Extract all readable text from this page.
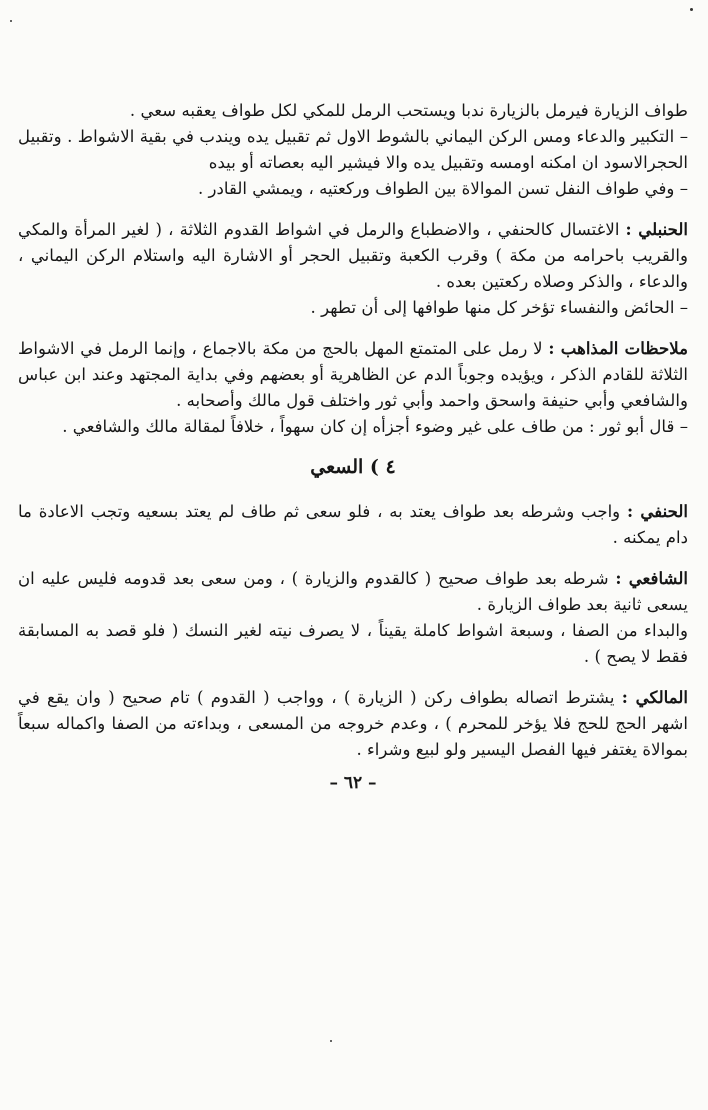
طواف الزيارة فيرمل بالزيارة ندبا ويستحب الرمل للمكي لكل طواف يعقبه سعي .

– التكبير والدعاء ومس الركن اليماني بالشوط الاول ثم تقبيل يده ويندب في بقية الاشواط . وتقبيل الحجرالاسود ان امكنه اومسه وتقبيل يده والا فيشير اليه بعصاته أو بيده

– وفي طواف النفل تسن الموالاة بين الطواف وركعتيه ، ويمشي القادر .

الحنبلي : الاغتسال كالحنفي ، والاضطباع والرمل في اشواط القدوم الثلاثة ، ( لغير المرأة والمكي والقريب باحرامه من مكة ) وقرب الكعبة وتقبيل الحجر أو الاشارة اليه واستلام الركن اليماني ، والدعاء ، والذكر وصلاه ركعتين بعده .

– الحائض والنفساء تؤخر كل منها طوافها إلى أن تطهر .

ملاحظات المذاهب : لا رمل على المتمتع المهل بالحج من مكة بالاجماع ، وإنما الرمل في الاشواط الثلاثة للقادم الذكر ، ويؤيده وجوباً الدم عن الظاهرية أو بعضهم وفي بداية المجتهد وعند ابن عباس والشافعي وأبي حنيفة واسحق واحمد وأبي ثور واختلف قول مالك وأصحابه .

– قال أبو ثور : من طاف على غير وضوء أجزأه إن كان سهواً ، خلافاً لمقالة مالك والشافعي .

٤ ) السعي

الحنفي : واجب وشرطه بعد طواف يعتد به ، فلو سعى ثم طاف لم يعتد بسعيه وتجب الاعادة ما دام يمكنه .

الشافعي : شرطه بعد طواف صحيح ( كالقدوم والزيارة ) ، ومن سعى بعد قدومه فليس عليه ان يسعى ثانية بعد طواف الزيارة .

والبداء من الصفا ، وسبعة اشواط كاملة يقيناً ، لا يصرف نيته لغير النسك ( فلو قصد به المسابقة فقط لا يصح ) .

المالكي : يشترط اتصاله بطواف ركن ( الزيارة ) ، وواجب ( القدوم ) تام صحيح ( وان يقع في اشهر الحج للحج فلا يؤخر للمحرم ) ، وعدم خروجه من المسعى ، وبداءته من الصفا واكماله سبعاً بموالاة يغتفر فيها الفصل اليسير ولو لبيع وشراء .

– ٦٢ –
